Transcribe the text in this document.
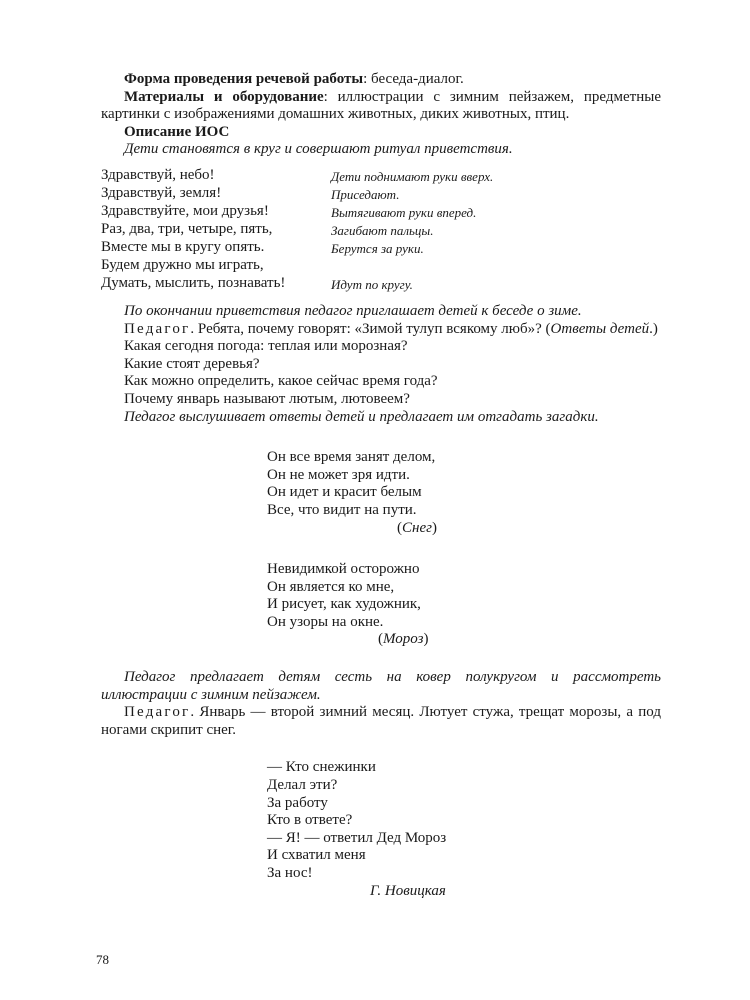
Форма проведения речевой работы: беседа-диалог.

Материалы и оборудование: иллюстрации с зимним пейзажем, предметные картинки с изображениями домашних животных, диких животных, птиц.

Описание ИОС

Дети становятся в круг и совершают ритуал приветствия.

Здравствуй, небо!
Здравствуй, земля!
Здравствуйте, мои друзья!
Раз, два, три, четыре, пять,
Вместе мы в кругу опять.
Будем дружно мы играть,
Думать, мыслить, познавать!
Дети поднимают руки вверх.
Приседают.
Вытягивают руки вперед.
Загибают пальцы.
Берутся за руки.
Идут по кругу.

По окончании приветствия педагог приглашает детей к беседе о зиме.

Педагог. Ребята, почему говорят: «Зимой тулуп всякому люб»? (Ответы детей.)

Какая сегодня погода: теплая или морозная?

Какие стоят деревья?

Как можно определить, какое сейчас время года?

Почему январь называют лютым, лютовеем?

Педагог выслушивает ответы детей и предлагает им отгадать загадки.

Он все время занят делом,
Он не может зря идти.
Он идет и красит белым
Все, что видит на пути.
(Снег)
Невидимкой осторожно
Он является ко мне,
И рисует, как художник,
Он узоры на окне.
(Мороз)

Педагог предлагает детям сесть на ковер полукругом и рассмотреть иллюстрации с зимним пейзажем.

Педагог. Январь — второй зимний месяц. Лютует стужа, трещат морозы, а под ногами скрипит снег.

— Кто снежинки
Делал эти?
За работу
Кто в ответе?
— Я! — ответил Дед Мороз
И схватил меня
За нос!
Г. Новицкая
78
